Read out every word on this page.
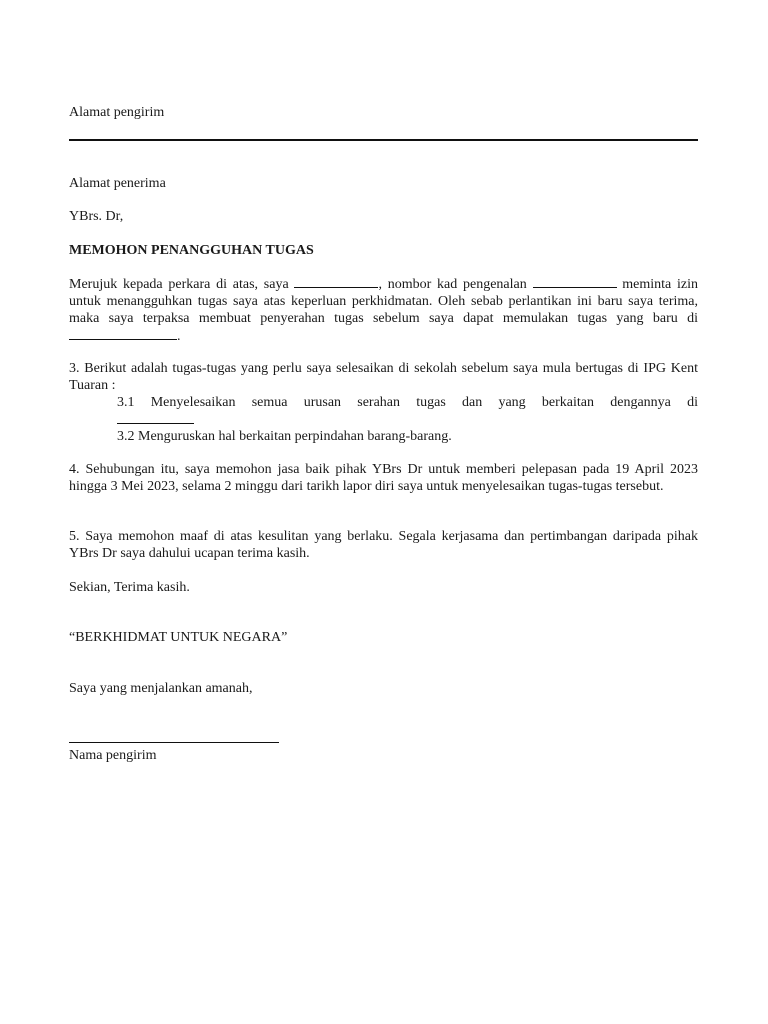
Alamat pengirim
Alamat penerima
YBrs. Dr,
MEMOHON PENANGGUHAN TUGAS
Merujuk kepada perkara di atas, saya	, nombor kad pengenalan	meminta izin untuk menangguhkan tugas saya atas keperluan perkhidmatan. Oleh sebab perlantikan ini baru saya terima, maka saya terpaksa membuat penyerahan tugas sebelum saya dapat memulakan tugas yang baru di .
3. Berikut adalah tugas-tugas yang perlu saya selesaikan di sekolah sebelum saya mula bertugas di IPG Kent Tuaran :
3.1 Menyelesaikan semua urusan serahan tugas dan yang berkaitan dengannya di
3.2 Menguruskan hal berkaitan perpindahan barang-barang.
4. Sehubungan itu, saya memohon jasa baik pihak YBrs Dr untuk memberi pelepasan pada 19 April 2023 hingga 3 Mei 2023, selama 2 minggu dari tarikh lapor diri saya untuk menyelesaikan tugas-tugas tersebut.
5. Saya memohon maaf di atas kesulitan yang berlaku. Segala kerjasama dan pertimbangan daripada pihak YBrs Dr saya dahului ucapan terima kasih.
Sekian, Terima kasih.
“BERKHIDMAT UNTUK NEGARA”
Saya yang menjalankan amanah,
Nama pengirim
